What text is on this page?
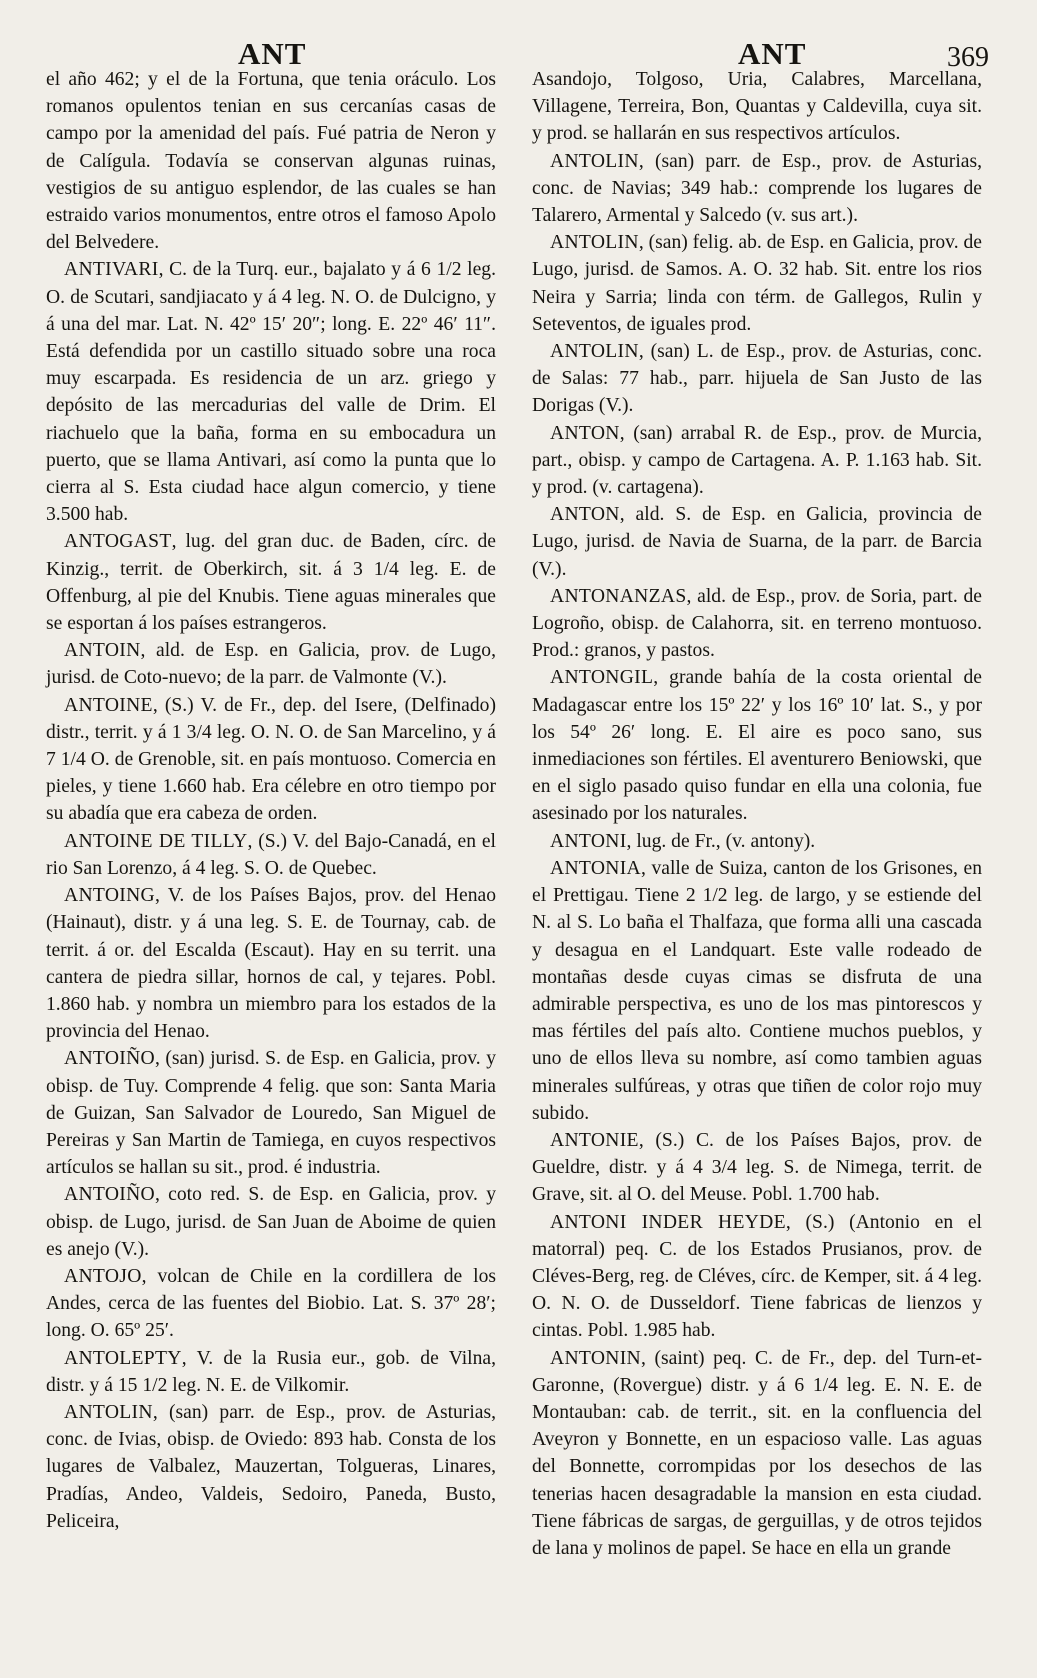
ANT	ANT	369

el año 462; y el de la Fortuna, que tenia oráculo. Los romanos opulentos tenian en sus cercanías casas de campo por la amenidad del país. Fué patria de Neron y de Calígula. Todavía se conservan algunas ruinas, vestigios de su antiguo esplendor, de las cuales se han estraido varios monumentos, entre otros el famoso Apolo del Belvedere.

ANTIVARI, C. de la Turq. eur., bajalato y á 6 1/2 leg. O. de Scutari, sandjiacato y á 4 leg. N. O. de Dulcigno, y á una del mar. Lat. N. 42º 15′ 20″; long. E. 22º 46′ 11″. Está defendida por un castillo situado sobre una roca muy escarpada. Es residencia de un arz. griego y depósito de las mercadurias del valle de Drim. El riachuelo que la baña, forma en su embocadura un puerto, que se llama Antivari, así como la punta que lo cierra al S. Esta ciudad hace algun comercio, y tiene 3.500 hab.

ANTOGAST, lug. del gran duc. de Baden, círc. de Kinzig., territ. de Oberkirch, sit. á 3 1/4 leg. E. de Offenburg, al pie del Knubis. Tiene aguas minerales que se esportan á los países estrangeros.

ANTOIN, ald. de Esp. en Galicia, prov. de Lugo, jurisd. de Coto-nuevo; de la parr. de Valmonte (V.).

ANTOINE, (S.) V. de Fr., dep. del Isere, (Delfinado) distr., territ. y á 1 3/4 leg. O. N. O. de San Marcelino, y á 7 1/4 O. de Grenoble, sit. en país montuoso. Comercia en pieles, y tiene 1.660 hab. Era célebre en otro tiempo por su abadía que era cabeza de orden.

ANTOINE DE TILLY, (S.) V. del Bajo-Canadá, en el rio San Lorenzo, á 4 leg. S. O. de Quebec.

ANTOING, V. de los Países Bajos, prov. del Henao (Hainaut), distr. y á una leg. S. E. de Tournay, cab. de territ. á or. del Escalda (Escaut). Hay en su territ. una cantera de piedra sillar, hornos de cal, y tejares. Pobl. 1.860 hab. y nombra un miembro para los estados de la provincia del Henao.

ANTOIÑO, (san) jurisd. S. de Esp. en Galicia, prov. y obisp. de Tuy. Comprende 4 felig. que son: Santa Maria de Guizan, San Salvador de Louredo, San Miguel de Pereiras y San Martin de Tamiega, en cuyos respectivos artículos se hallan su sit., prod. é industria.

ANTOIÑO, coto red. S. de Esp. en Galicia, prov. y obisp. de Lugo, jurisd. de San Juan de Aboime de quien es anejo (V.).

ANTOJO, volcan de Chile en la cordillera de los Andes, cerca de las fuentes del Biobio. Lat. S. 37º 28′; long. O. 65º 25′.

ANTOLEPTY, V. de la Rusia eur., gob. de Vilna, distr. y á 15 1/2 leg. N. E. de Vilkomir.

ANTOLIN, (san) parr. de Esp., prov. de Asturias, conc. de Ivias, obisp. de Oviedo: 893 hab. Consta de los lugares de Valbalez, Mauzertan, Tolgueras, Linares, Pradías, Andeo, Valdeis, Sedoiro, Paneda, Busto, Peliceira,

Asandojo, Tolgoso, Uria, Calabres, Marcellana, Villagene, Terreira, Bon, Quantas y Caldevilla, cuya sit. y prod. se hallarán en sus respectivos artículos.

ANTOLIN, (san) parr. de Esp., prov. de Asturias, conc. de Navias; 349 hab.: comprende los lugares de Talarero, Armental y Salcedo (v. sus art.).

ANTOLIN, (san) felig. ab. de Esp. en Galicia, prov. de Lugo, jurisd. de Samos. A. O. 32 hab. Sit. entre los rios Neira y Sarria; linda con térm. de Gallegos, Rulin y Seteventos, de iguales prod.

ANTOLIN, (san) L. de Esp., prov. de Asturias, conc. de Salas: 77 hab., parr. hijuela de San Justo de las Dorigas (V.).

ANTON, (san) arrabal R. de Esp., prov. de Murcia, part., obisp. y campo de Cartagena. A. P. 1.163 hab. Sit. y prod. (v. cartagena).

ANTON, ald. S. de Esp. en Galicia, provincia de Lugo, jurisd. de Navia de Suarna, de la parr. de Barcia (V.).

ANTONANZAS, ald. de Esp., prov. de Soria, part. de Logroño, obisp. de Calahorra, sit. en terreno montuoso. Prod.: granos, y pastos.

ANTONGIL, grande bahía de la costa oriental de Madagascar entre los 15º 22′ y los 16º 10′ lat. S., y por los 54º 26′ long. E. El aire es poco sano, sus inmediaciones son fértiles. El aventurero Beniowski, que en el siglo pasado quiso fundar en ella una colonia, fue asesinado por los naturales.

ANTONI, lug. de Fr., (v. antony).

ANTONIA, valle de Suiza, canton de los Grisones, en el Prettigau. Tiene 2 1/2 leg. de largo, y se estiende del N. al S. Lo baña el Thalfaza, que forma alli una cascada y desagua en el Landquart. Este valle rodeado de montañas desde cuyas cimas se disfruta de una admirable perspectiva, es uno de los mas pintorescos y mas fértiles del país alto. Contiene muchos pueblos, y uno de ellos lleva su nombre, así como tambien aguas minerales sulfúreas, y otras que tiñen de color rojo muy subido.

ANTONIE, (S.) C. de los Países Bajos, prov. de Gueldre, distr. y á 4 3/4 leg. S. de Nimega, territ. de Grave, sit. al O. del Meuse. Pobl. 1.700 hab.

ANTONI INDER HEYDE, (S.) (Antonio en el matorral) peq. C. de los Estados Prusianos, prov. de Cléves-Berg, reg. de Cléves, círc. de Kemper, sit. á 4 leg. O. N. O. de Dusseldorf. Tiene fabricas de lienzos y cintas. Pobl. 1.985 hab.

ANTONIN, (saint) peq. C. de Fr., dep. del Turn-et-Garonne, (Rovergue) distr. y á 6 1/4 leg. E. N. E. de Montauban: cab. de territ., sit. en la confluencia del Aveyron y Bonnette, en un espacioso valle. Las aguas del Bonnette, corrompidas por los desechos de las tenerias hacen desagradable la mansion en esta ciudad. Tiene fábricas de sargas, de gerguillas, y de otros tejidos de lana y molinos de papel. Se hace en ella un grande
